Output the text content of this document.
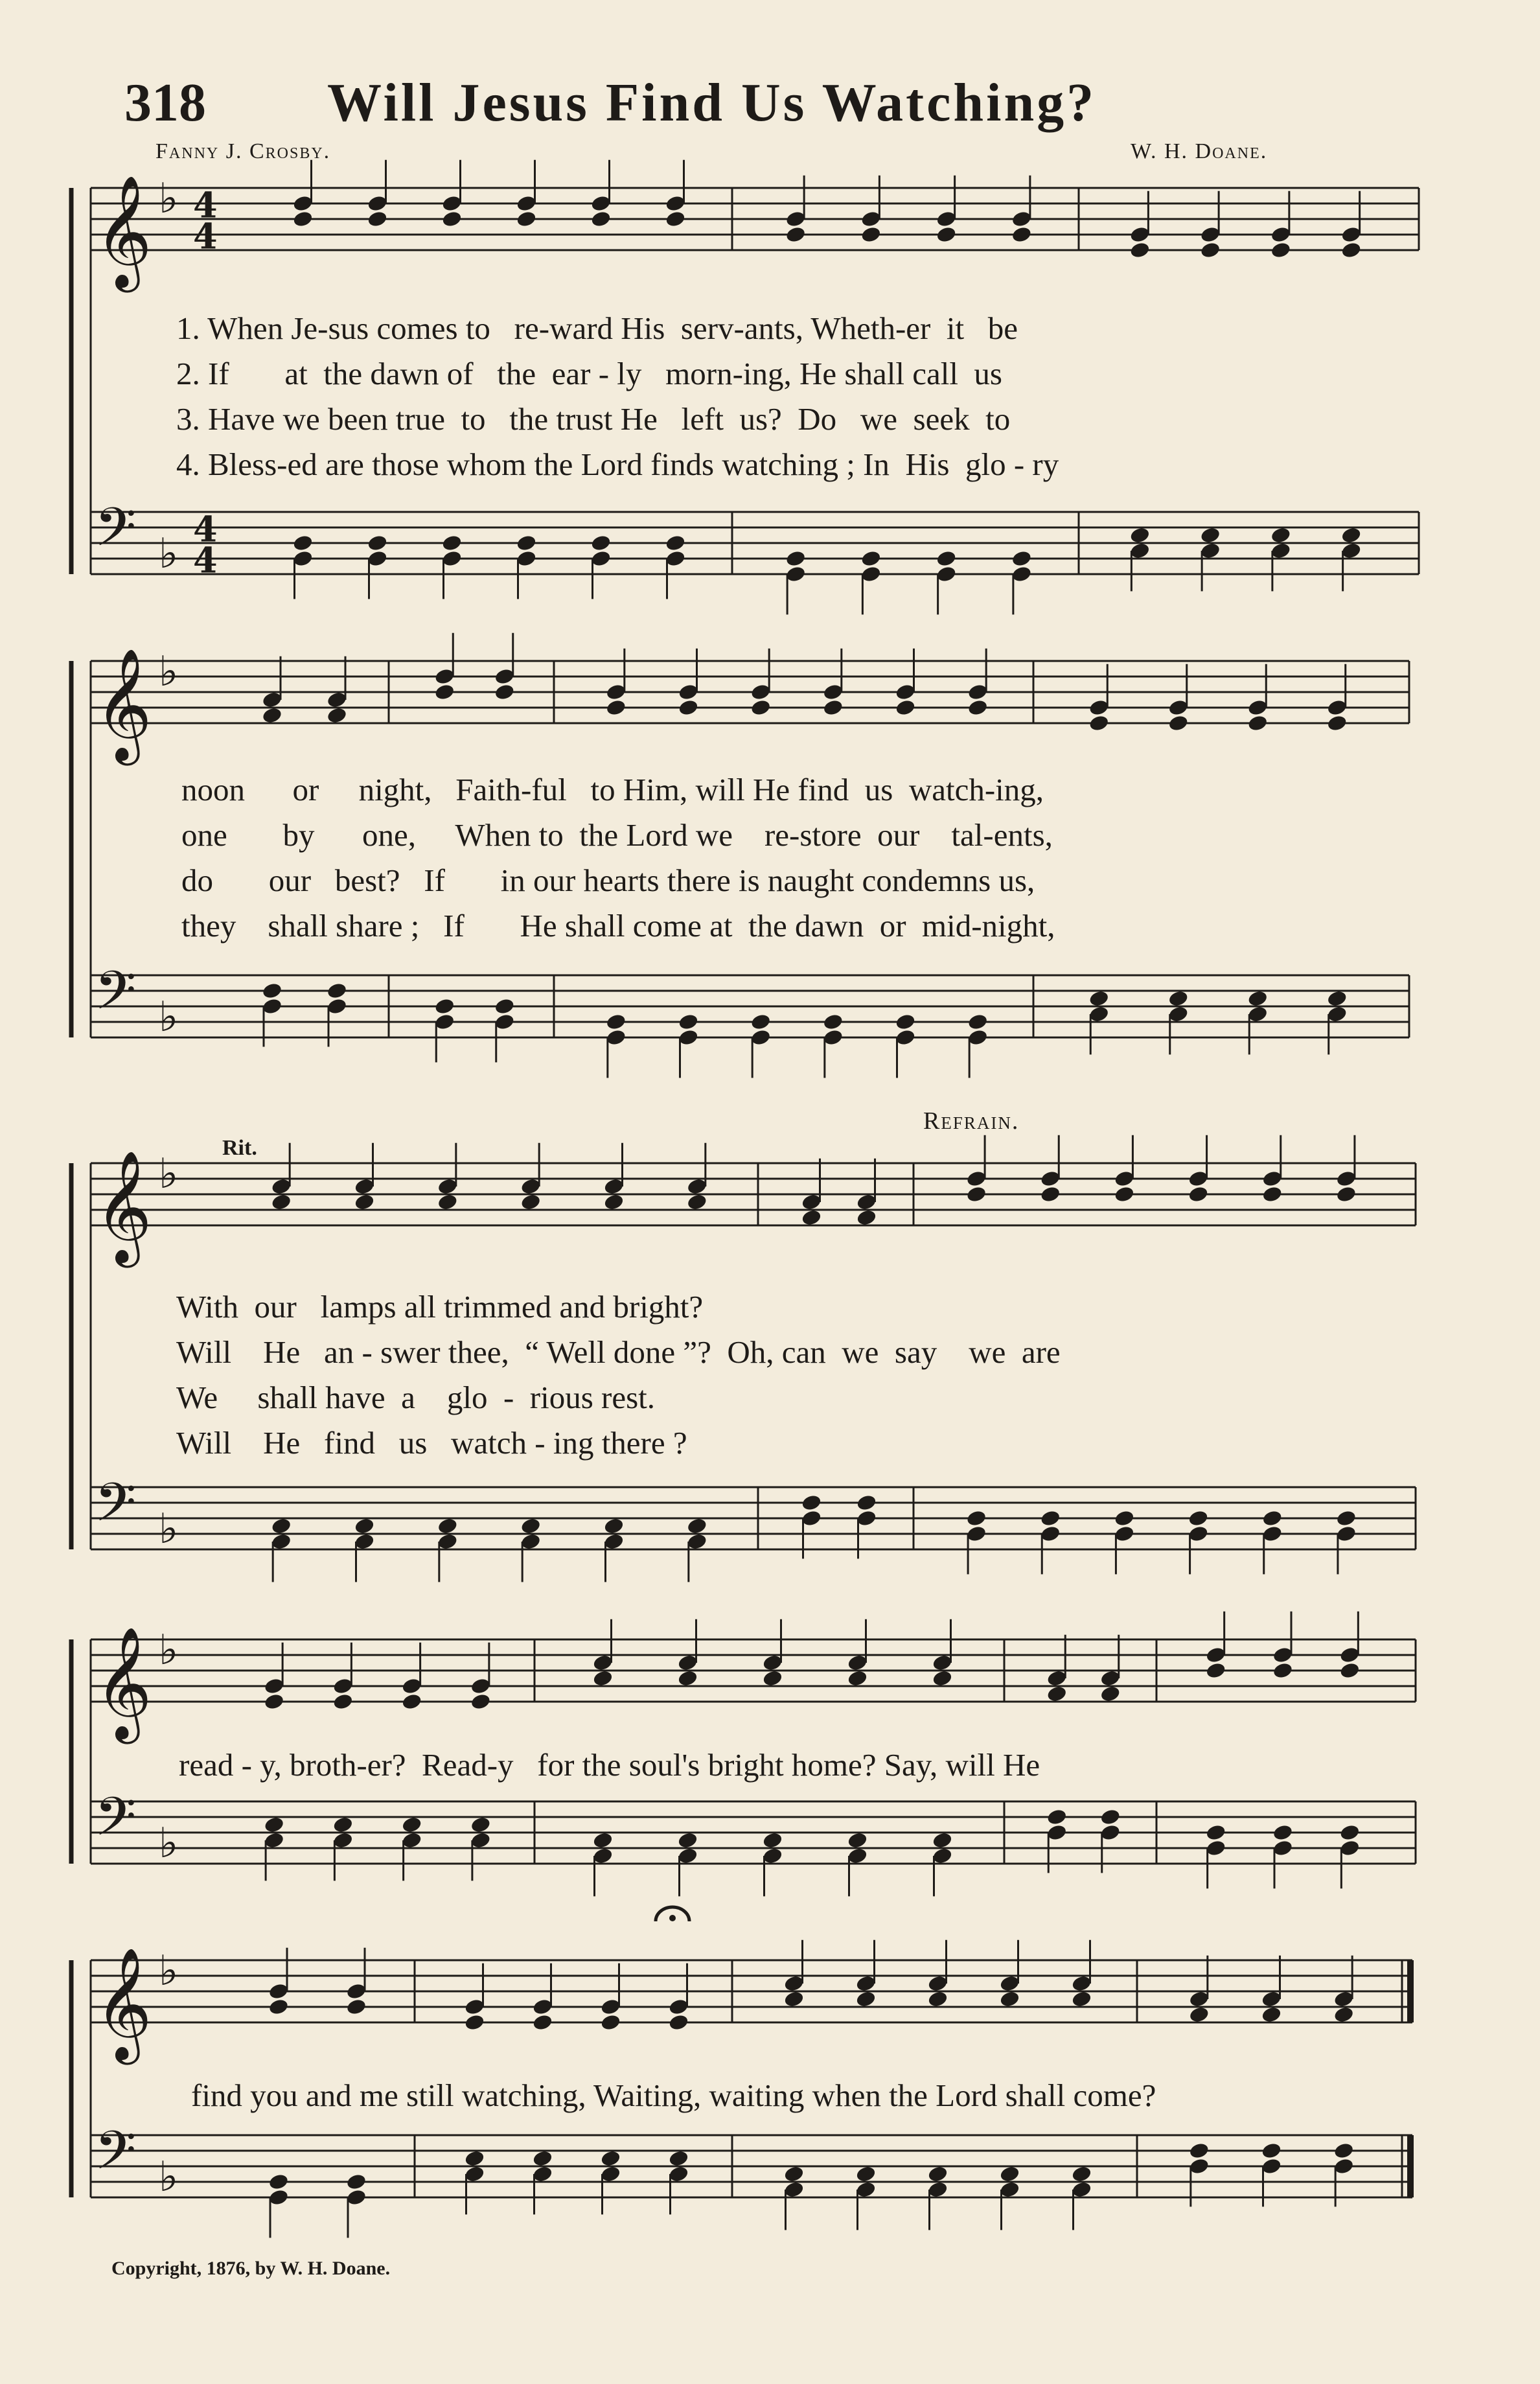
318 Will Jesus Find Us Watching?
Fanny J. Crosby.	W. H. Doane.
𝄞 ♭
𝄢 ♭
𝄞 ♭
𝄢 ♭
𝄞 ♭
𝄢 ♭
𝄞 ♭
𝄢 ♭
𝄞 ♭
𝄢 ♭
4
4
4
4
Rit.
Refrain.
1. When Je-sus comes to   re-ward His  serv-ants, Wheth-er  it   be
2. If       at  the dawn of   the  ear - ly   morn-ing, He shall call  us
3. Have we been true  to   the trust He   left  us?  Do   we  seek  to
4. Bless-ed are those whom the Lord finds watching ; In  His  glo - ry
noon      or     night,   Faith-ful   to Him, will He find  us  watch-ing,
one       by      one,     When to  the Lord we    re-store  our    tal-ents,
do       our   best?   If       in our hearts there is naught condemns us,
they    shall share ;   If       He shall come at  the dawn  or  mid-night,
With  our   lamps all trimmed and bright?
Will    He   an - swer thee,  “ Well done ”?  Oh, can  we  say    we  are
We     shall have  a    glo  -  rious rest.
Will    He   find   us   watch - ing there ?
read - y, broth-er?  Read-y   for the soul's bright home? Say, will He
find you and me still watching, Waiting, waiting when the Lord shall come?
Copyright, 1876, by W. H. Doane.
